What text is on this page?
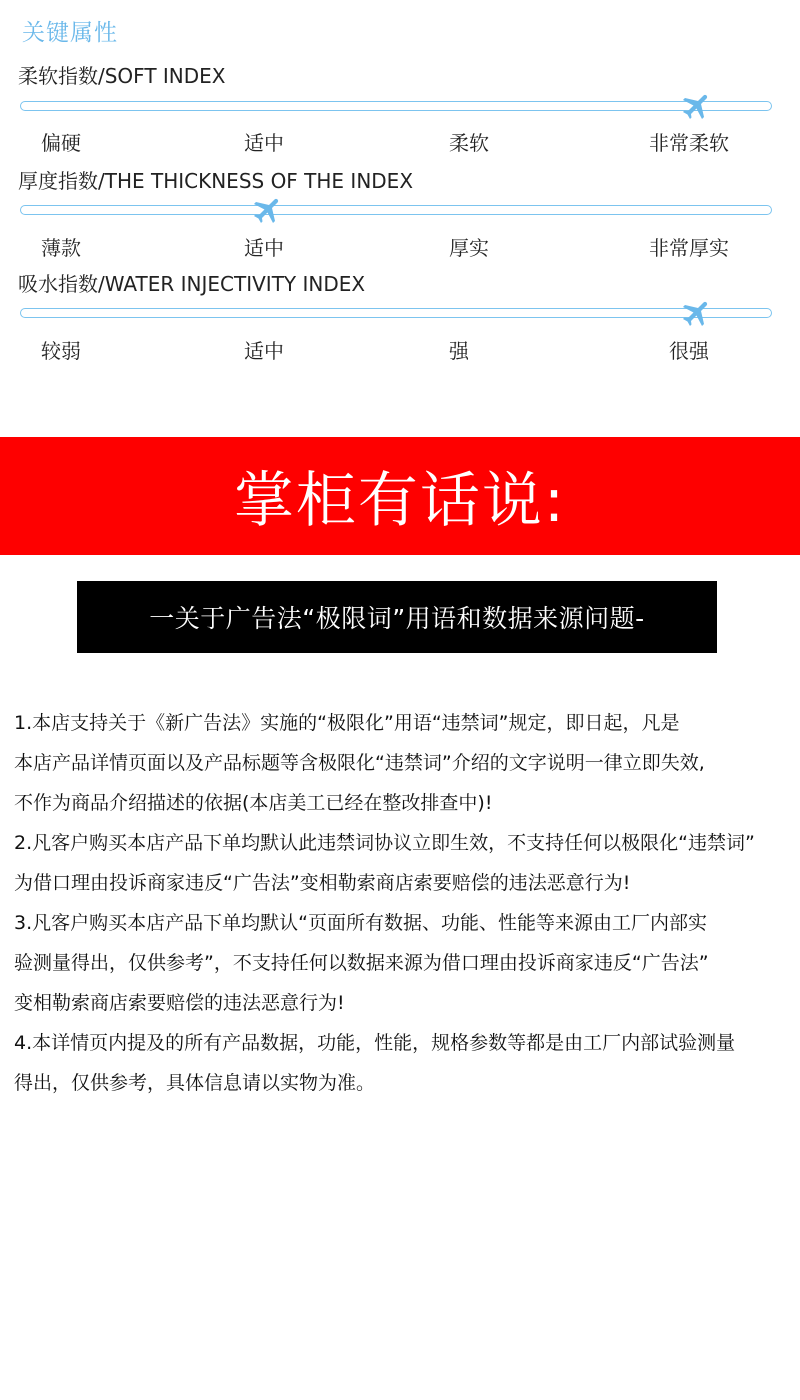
关键属性
柔软指数/SOFT INDEX
偏硬	适中	柔软	非常柔软
厚度指数/THE THICKNESS OF THE INDEX
薄款	适中	厚实	非常厚实
吸水指数/WATER INJECTIVITY INDEX
较弱	适中	强	很强
掌柜有话说:
一关于广告法“极限词”用语和数据来源问题-
1.本店支持关于《新广告法》实施的“极限化”用语“违禁词”规定，即日起，凡是
本店产品详情页面以及产品标题等含极限化“违禁词”介绍的文字说明一律立即失效,
不作为商品介绍描述的依据(本店美工已经在整改排查中)!
2.凡客户购买本店产品下单均默认此违禁词协议立即生效，不支持任何以极限化“违禁词”
为借口理由投诉商家违反“广告法”变相勒索商店索要赔偿的违法恶意行为!
3.凡客户购买本店产品下单均默认“页面所有数据、功能、性能等来源由工厂内部实
验测量得出，仅供参考”，不支持任何以数据来源为借口理由投诉商家违反“广告法”
变相勒索商店索要赔偿的违法恶意行为!
4.本详情页内提及的所有产品数据，功能，性能，规格参数等都是由工厂内部试验测量
得出，仅供参考，具体信息请以实物为准。
